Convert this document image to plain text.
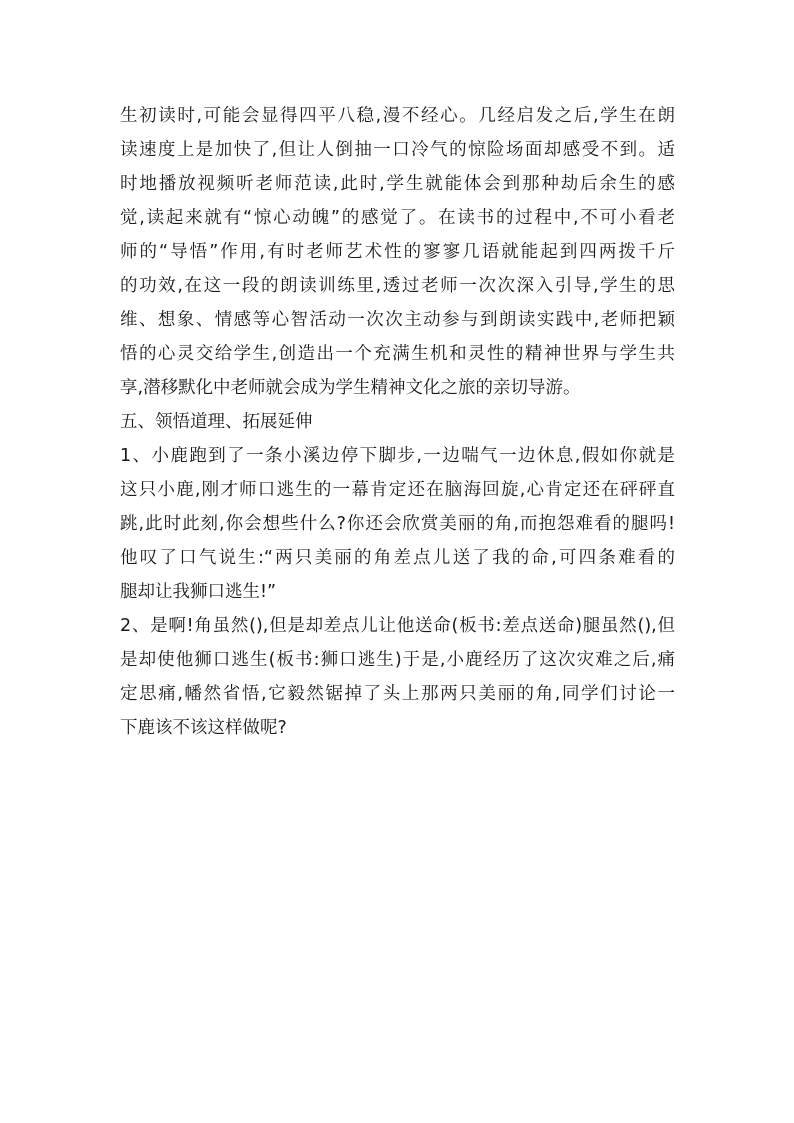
生初读时,可能会显得四平八稳,漫不经心。几经启发之后,学生在朗
读速度上是加快了,但让人倒抽一口冷气的惊险场面却感受不到。适
时地播放视频听老师范读,此时,学生就能体会到那种劫后余生的感
觉,读起来就有“惊心动魄”的感觉了。在读书的过程中,不可小看老
师的“导悟”作用,有时老师艺术性的寥寥几语就能起到四两拨千斤
的功效,在这一段的朗读训练里,透过老师一次次深入引导,学生的思
维、想象、情感等心智活动一次次主动参与到朗读实践中,老师把颖
悟的心灵交给学生,创造出一个充满生机和灵性的精神世界与学生共
享,潜移默化中老师就会成为学生精神文化之旅的亲切导游。
五、领悟道理、拓展延伸
1、小鹿跑到了一条小溪边停下脚步,一边喘气一边休息,假如你就是
这只小鹿,刚才师口逃生的一幕肯定还在脑海回旋,心肯定还在砰砰直
跳,此时此刻,你会想些什么?你还会欣赏美丽的角,而抱怨难看的腿吗!
他叹了口气说生:“两只美丽的角差点儿送了我的命,可四条难看的
腿却让我狮口逃生!”
2、是啊!角虽然(),但是却差点儿让他送命(板书:差点送命)腿虽然(),但
是却使他狮口逃生(板书:狮口逃生)于是,小鹿经历了这次灾难之后,痛
定思痛,幡然省悟,它毅然锯掉了头上那两只美丽的角,同学们讨论一
下鹿该不该这样做呢?
